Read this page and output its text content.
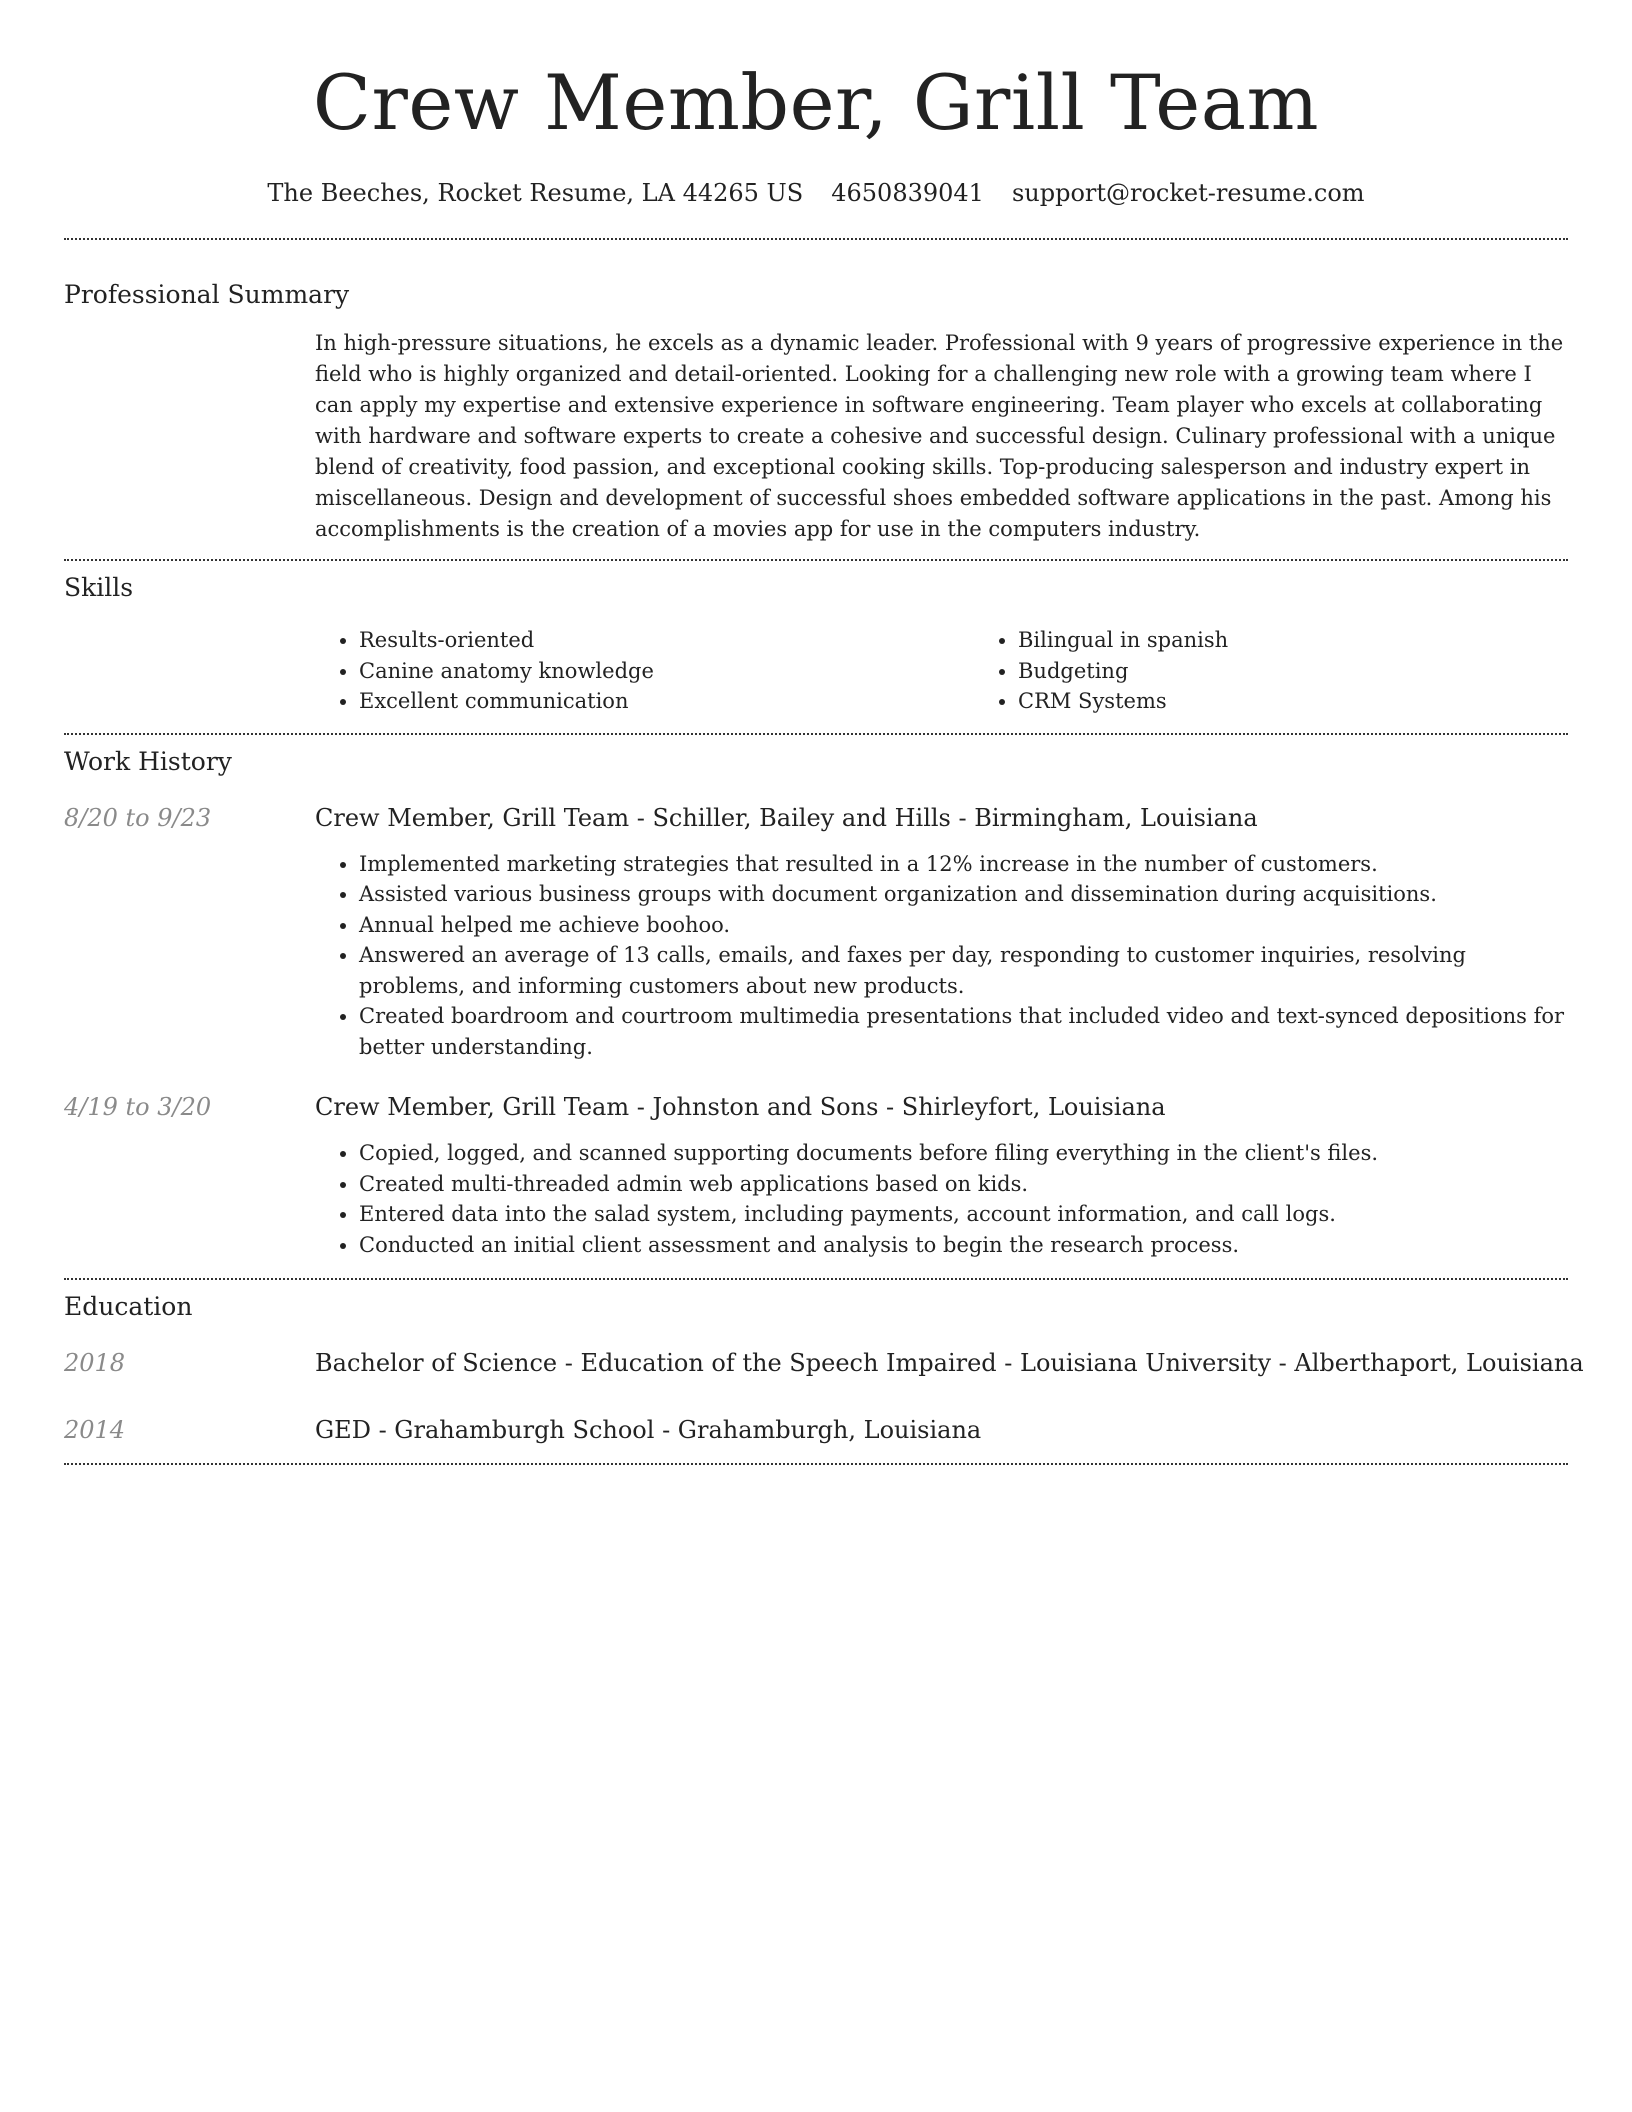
Crew Member, Grill Team
The Beeches, Rocket Resume, LA 44265 US 4650839041 support@rocket-resume.com
Professional Summary

In high-pressure situations, he excels as a dynamic leader. Professional with 9 years of progressive experience in the field who is highly organized and detail-oriented. Looking for a challenging new role with a growing team where I can apply my expertise and extensive experience in software engineering. Team player who excels at collaborating with hardware and software experts to create a cohesive and successful design. Culinary professional with a unique blend of creativity, food passion, and exceptional cooking skills. Top-producing salesperson and industry expert in miscellaneous. Design and development of successful shoes embedded software applications in the past. Among his accomplishments is the creation of a movies app for use in the computers industry.

Skills
• Results-oriented
• Canine anatomy knowledge
• Excellent communication
• Bilingual in spanish
• Budgeting
• CRM Systems
Work History
8/20 to 9/23	Crew Member, Grill Team - Schiller, Bailey and Hills - Birmingham, Louisiana
• Implemented marketing strategies that resulted in a 12% increase in the number of customers.
• Assisted various business groups with document organization and dissemination during acquisitions.
• Annual helped me achieve boohoo.
• Answered an average of 13 calls, emails, and faxes per day, responding to customer inquiries, resolving problems, and informing customers about new products.
• Created boardroom and courtroom multimedia presentations that included video and text-synced depositions for better understanding.
4/19 to 3/20	Crew Member, Grill Team - Johnston and Sons - Shirleyfort, Louisiana
• Copied, logged, and scanned supporting documents before filing everything in the client's files.
• Created multi-threaded admin web applications based on kids.
• Entered data into the salad system, including payments, account information, and call logs.
• Conducted an initial client assessment and analysis to begin the research process.
Education
2018	Bachelor of Science - Education of the Speech Impaired - Louisiana University - Alberthaport, Louisiana
2014	GED - Grahamburgh School - Grahamburgh, Louisiana
